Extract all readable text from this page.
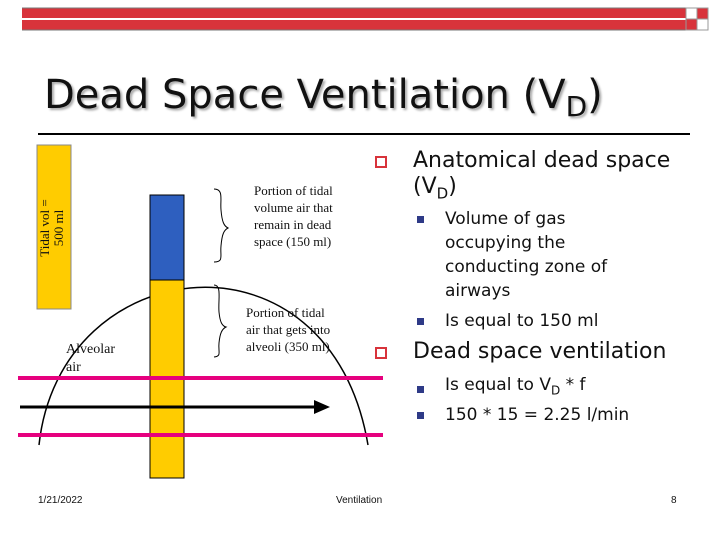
Dead Space Ventilation $(V_D)$
Tidal vol = 500 ml
Portion of tidal
volume air that
remain in dead
space (150 ml)
Portion of tidal
air that gets into
alveoli (350 ml)
Alveolar
air
Anatomical dead space
$(V_D)$
Volume of gas
occupying the
conducting zone of
airways
Is equal to 150 ml
Dead space ventilation
Is equal to $V_D$ * f
150 * 15 = 2.25 l/min
1/21/2022	Ventilation	8
